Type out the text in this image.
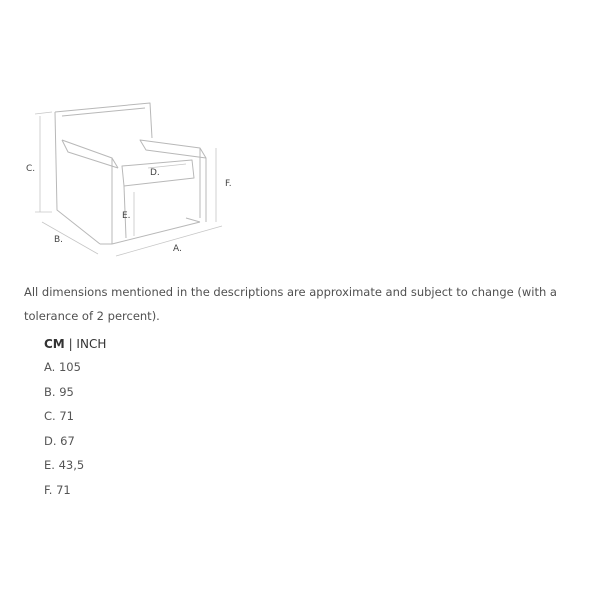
C.
B.
D.
F.
E.
A.

All dimensions mentioned in the descriptions are approximate and subject to change (with a tolerance of 2 percent).

CM | INCH

A. 105
B. 95
C. 71
D. 67
E. 43,5
F. 71
